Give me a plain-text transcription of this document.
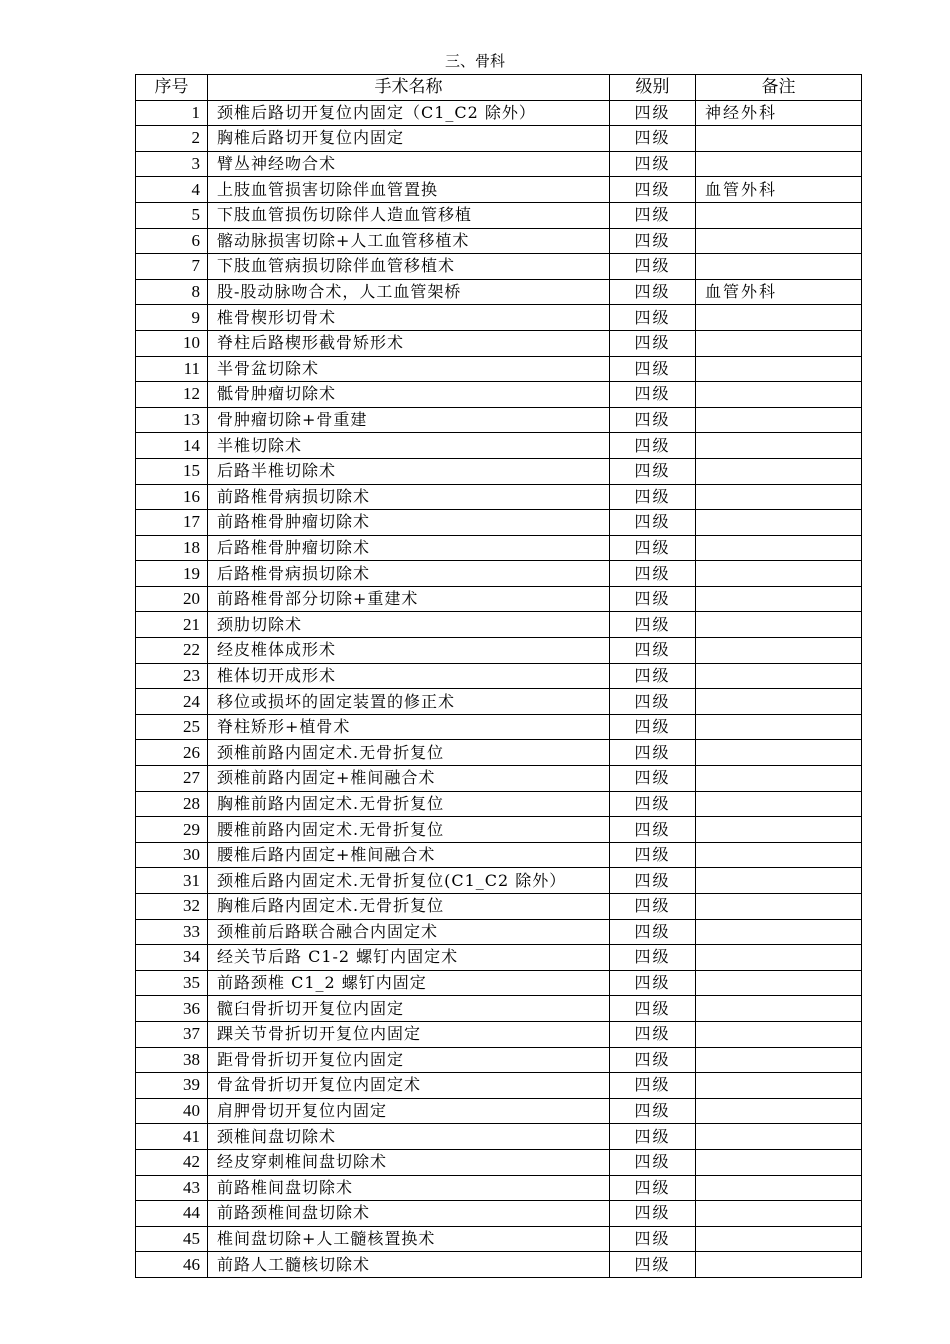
三、骨科
序号	手术名称	级别	备注
1	颈椎后路切开复位内固定（C1_C2 除外）	四级	神经外科
2	胸椎后路切开复位内固定	四级	
3	臂丛神经吻合术	四级	
4	上肢血管损害切除伴血管置换	四级	血管外科
5	下肢血管损伤切除伴人造血管移植	四级	
6	髂动脉损害切除+人工血管移植术	四级	
7	下肢血管病损切除伴血管移植术	四级	
8	股-股动脉吻合术，人工血管架桥	四级	血管外科
9	椎骨楔形切骨术	四级	
10	脊柱后路楔形截骨矫形术	四级	
11	半骨盆切除术	四级	
12	骶骨肿瘤切除术	四级	
13	骨肿瘤切除+骨重建	四级	
14	半椎切除术	四级	
15	后路半椎切除术	四级	
16	前路椎骨病损切除术	四级	
17	前路椎骨肿瘤切除术	四级	
18	后路椎骨肿瘤切除术	四级	
19	后路椎骨病损切除术	四级	
20	前路椎骨部分切除+重建术	四级	
21	颈肋切除术	四级	
22	经皮椎体成形术	四级	
23	椎体切开成形术	四级	
24	移位或损坏的固定装置的修正术	四级	
25	脊柱矫形+植骨术	四级	
26	颈椎前路内固定术.无骨折复位	四级	
27	颈椎前路内固定+椎间融合术	四级	
28	胸椎前路内固定术.无骨折复位	四级	
29	腰椎前路内固定术.无骨折复位	四级	
30	腰椎后路内固定+椎间融合术	四级	
31	颈椎后路内固定术.无骨折复位(C1_C2 除外）	四级	
32	胸椎后路内固定术.无骨折复位	四级	
33	颈椎前后路联合融合内固定术	四级	
34	经关节后路 C1-2 螺钉内固定术	四级	
35	前路颈椎 C1_2 螺钉内固定	四级	
36	髋臼骨折切开复位内固定	四级	
37	踝关节骨折切开复位内固定	四级	
38	距骨骨折切开复位内固定	四级	
39	骨盆骨折切开复位内固定术	四级	
40	肩胛骨切开复位内固定	四级	
41	颈椎间盘切除术	四级	
42	经皮穿刺椎间盘切除术	四级	
43	前路椎间盘切除术	四级	
44	前路颈椎间盘切除术	四级	
45	椎间盘切除+人工髓核置换术	四级	
46	前路人工髓核切除术	四级	
